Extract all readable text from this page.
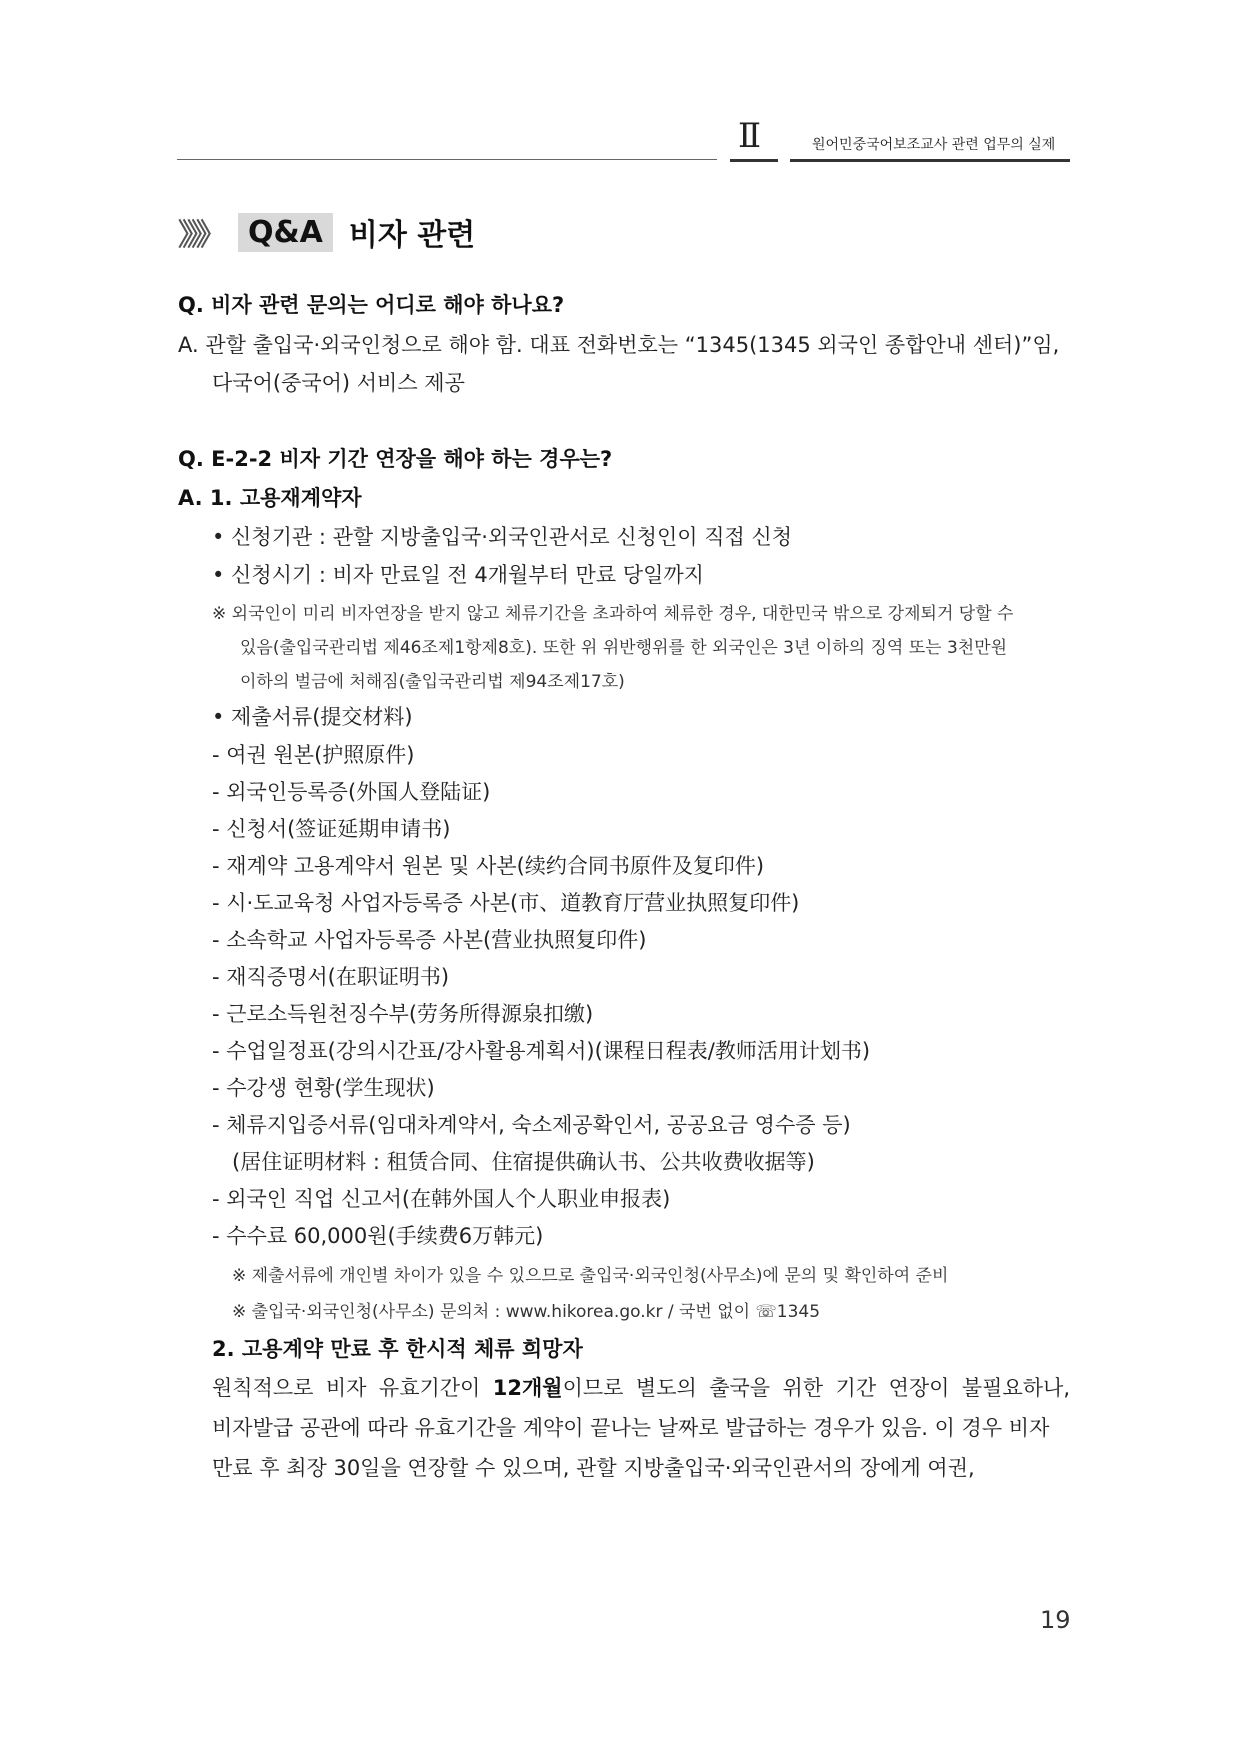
Ⅱ	원어민중국어보조교사 관련 업무의 실제
》》》 Q&A 비자 관련
Q. 비자 관련 문의는 어디로 해야 하나요?
A. 관할 출입국·외국인청으로 해야 함. 대표 전화번호는 “1345(1345 외국인 종합안내 센터)”임,
다국어(중국어) 서비스 제공
Q. E-2-2 비자 기간 연장을 해야 하는 경우는?
A. 1. 고용재계약자
• 신청기관 : 관할 지방출입국·외국인관서로 신청인이 직접 신청
• 신청시기 : 비자 만료일 전 4개월부터 만료 당일까지
※ 외국인이 미리 비자연장을 받지 않고 체류기간을 초과하여 체류한 경우, 대한민국 밖으로 강제퇴거 당할 수
있음(출입국관리법 제46조제1항제8호). 또한 위 위반행위를 한 외국인은 3년 이하의 징역 또는 3천만원
이하의 벌금에 처해짐(출입국관리법 제94조제17호)
• 제출서류(提交材料)
- 여권 원본(护照原件)
- 외국인등록증(外国人登陆证)
- 신청서(签证延期申请书)
- 재계약 고용계약서 원본 및 사본(续约合同书原件及复印件)
- 시·도교육청 사업자등록증 사본(市、道教育厅营业执照复印件)
- 소속학교 사업자등록증 사본(营业执照复印件)
- 재직증명서(在职证明书)
- 근로소득원천징수부(劳务所得源泉扣缴)
- 수업일정표(강의시간표/강사활용계획서)(课程日程表/教师活用计划书)
- 수강생 현황(学生现状)
- 체류지입증서류(임대차계약서, 숙소제공확인서, 공공요금 영수증 등)
(居住证明材料 : 租赁合同、住宿提供确认书、公共收费收据等)
- 외국인 직업 신고서(在韩外国人个人职业申报表)
- 수수료 60,000원(手续费6万韩元)
※ 제출서류에 개인별 차이가 있을 수 있으므로 출입국·외국인청(사무소)에 문의 및 확인하여 준비
※ 출입국·외국인청(사무소) 문의처 : www.hikorea.go.kr / 국번 없이 ☏1345
2. 고용계약 만료 후 한시적 체류 희망자
원칙적으로 비자 유효기간이 12개월이므로 별도의 출국을 위한 기간 연장이 불필요하나,
비자발급 공관에 따라 유효기간을 계약이 끝나는 날짜로 발급하는 경우가 있음. 이 경우 비자
만료 후 최장 30일을 연장할 수 있으며, 관할 지방출입국·외국인관서의 장에게 여권,
19
